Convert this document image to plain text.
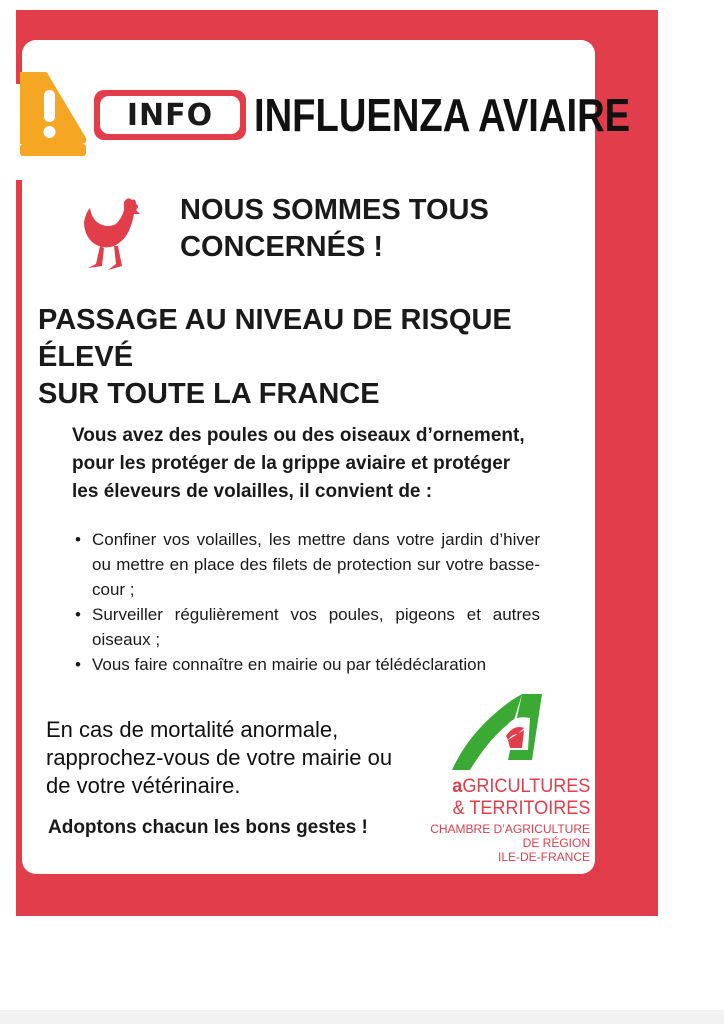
INFO INFLUENZA AVIAIRE
NOUS SOMMES TOUS
CONCERNÉS !
PASSAGE AU NIVEAU DE RISQUE ÉLEVÉ
SUR TOUTE LA FRANCE
Vous avez des poules ou des oiseaux d’ornement,
pour les protéger de la grippe aviaire et protéger
les éleveurs de volailles, il convient de :
• Confiner vos volailles, les mettre dans votre jardin d’hiver ou mettre en place des filets de protection sur votre basse-cour ;
• Surveiller régulièrement vos poules, pigeons et autres oiseaux ;
• Vous faire connaître en mairie ou par télédéclaration
En cas de mortalité anormale,
rapprochez-vous de votre mairie ou
de votre vétérinaire.
Adoptons chacun les bons gestes !
aGRICULTURES
& TERRITOIRES
CHAMBRE D’AGRICULTURE
DE RÉGION
ILE-DE-FRANCE
